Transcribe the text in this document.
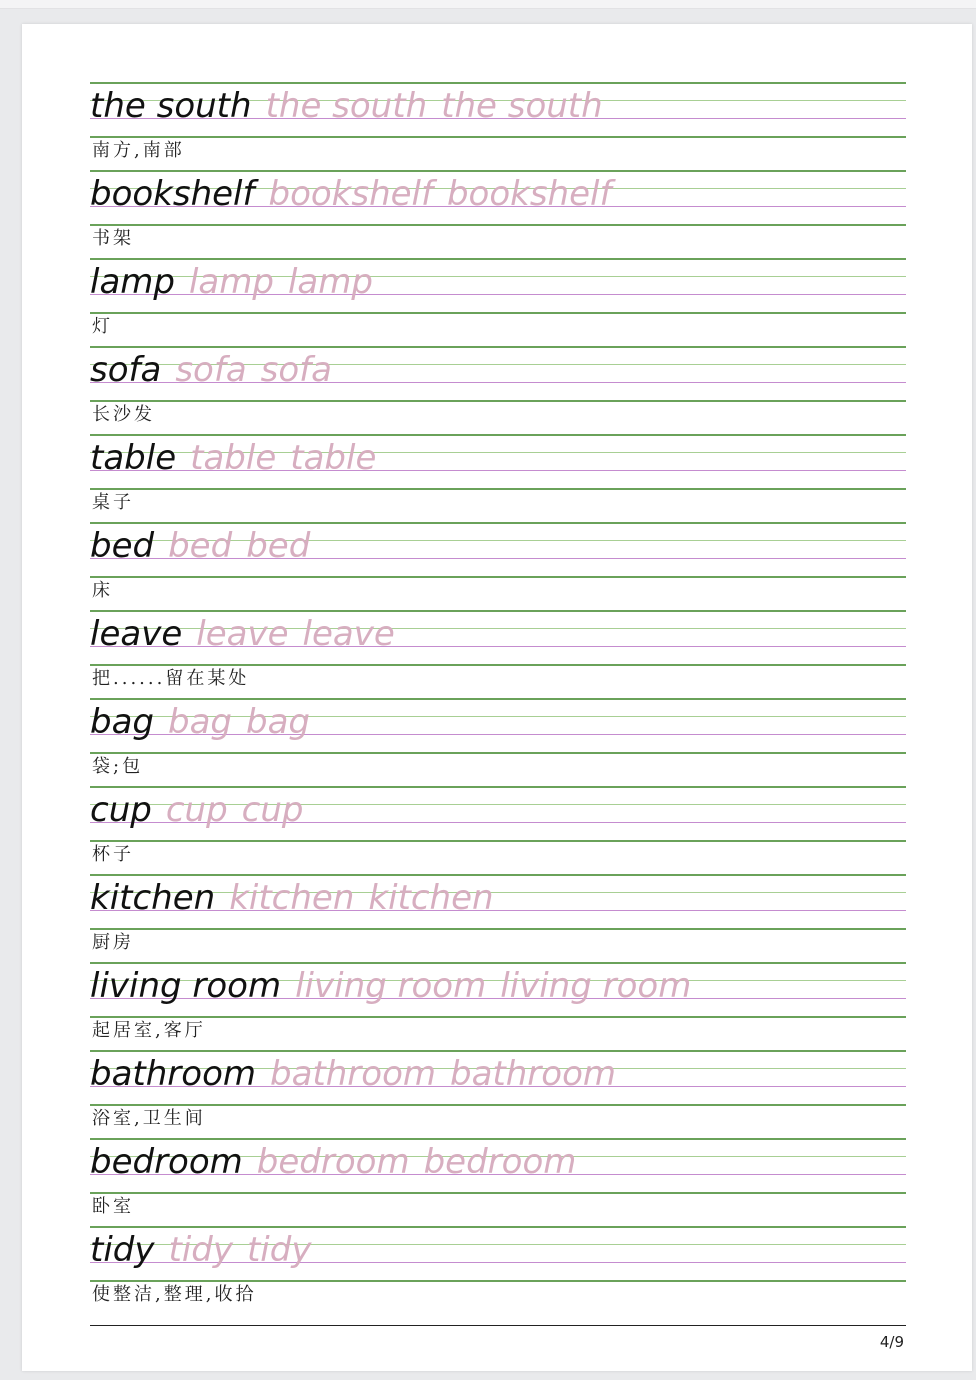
the south the south the south
南方,南部
bookshelf bookshelf bookshelf
书架
lamp lamp lamp
灯
sofa sofa sofa
长沙发
table table table
桌子
bed bed bed
床
leave leave leave
把......留在某处
bag bag bag
袋;包
cup cup cup
杯子
kitchen kitchen kitchen
厨房
living room living room living room
起居室,客厅
bathroom bathroom bathroom
浴室,卫生间
bedroom bedroom bedroom
卧室
tidy tidy tidy
使整洁,整理,收拾
4/9
